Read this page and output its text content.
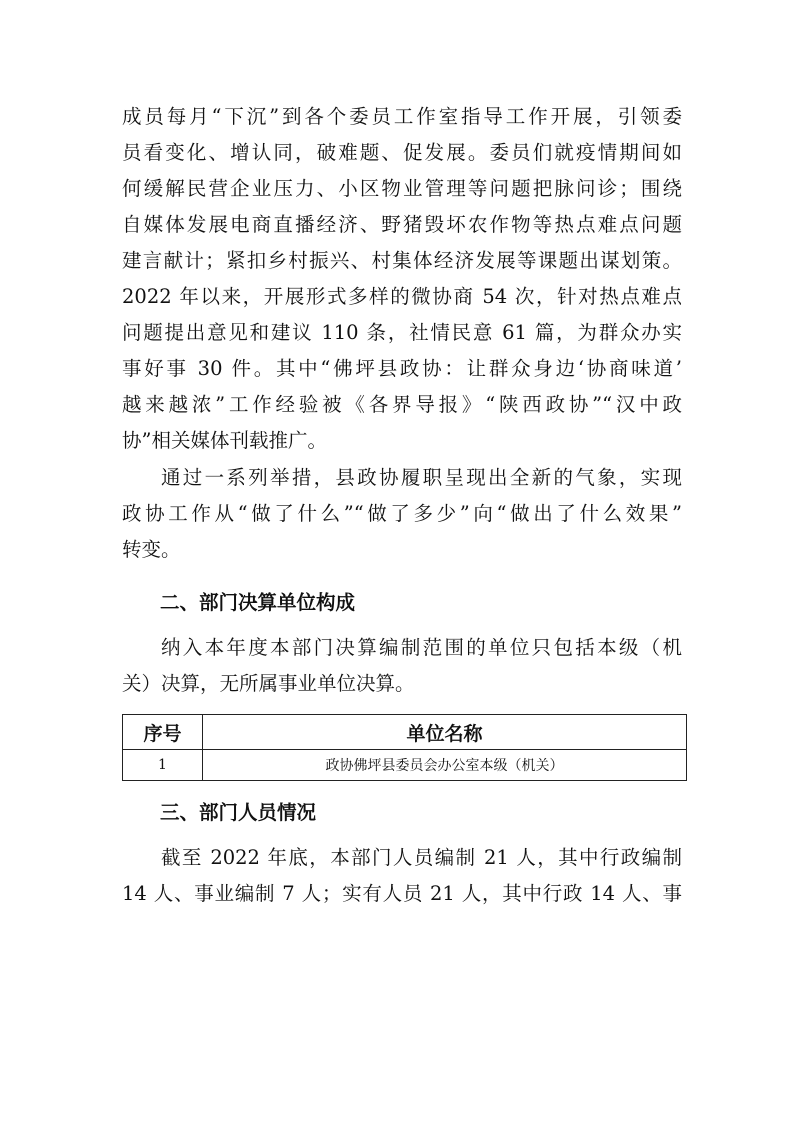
成员每月“下沉”到各个委员工作室指导工作开展，引领委
员看变化、增认同，破难题、促发展。委员们就疫情期间如
何缓解民营企业压力、小区物业管理等问题把脉问诊；围绕
自媒体发展电商直播经济、野猪毁坏农作物等热点难点问题
建言献计；紧扣乡村振兴、村集体经济发展等课题出谋划策。
2022 年以来，开展形式多样的微协商 54 次，针对热点难点
问题提出意见和建议 110 条，社情民意 61 篇，为群众办实
事好事 30 件。其中“佛坪县政协：让群众身边‘协商味道’
越来越浓”工作经验被《各界导报》“陕西政协”“汉中政
协”相关媒体刊载推广。
通过一系列举措，县政协履职呈现出全新的气象，实现
政协工作从“做了什么”“做了多少”向“做出了什么效果”
转变。
二、部门决算单位构成
纳入本年度本部门决算编制范围的单位只包括本级（机
关）决算，无所属事业单位决算。
序号	单位名称
1	政协佛坪县委员会办公室本级（机关）
三、部门人员情况
截至 2022 年底，本部门人员编制 21 人，其中行政编制
14 人、事业编制 7 人；实有人员 21 人，其中行政 14 人、事
